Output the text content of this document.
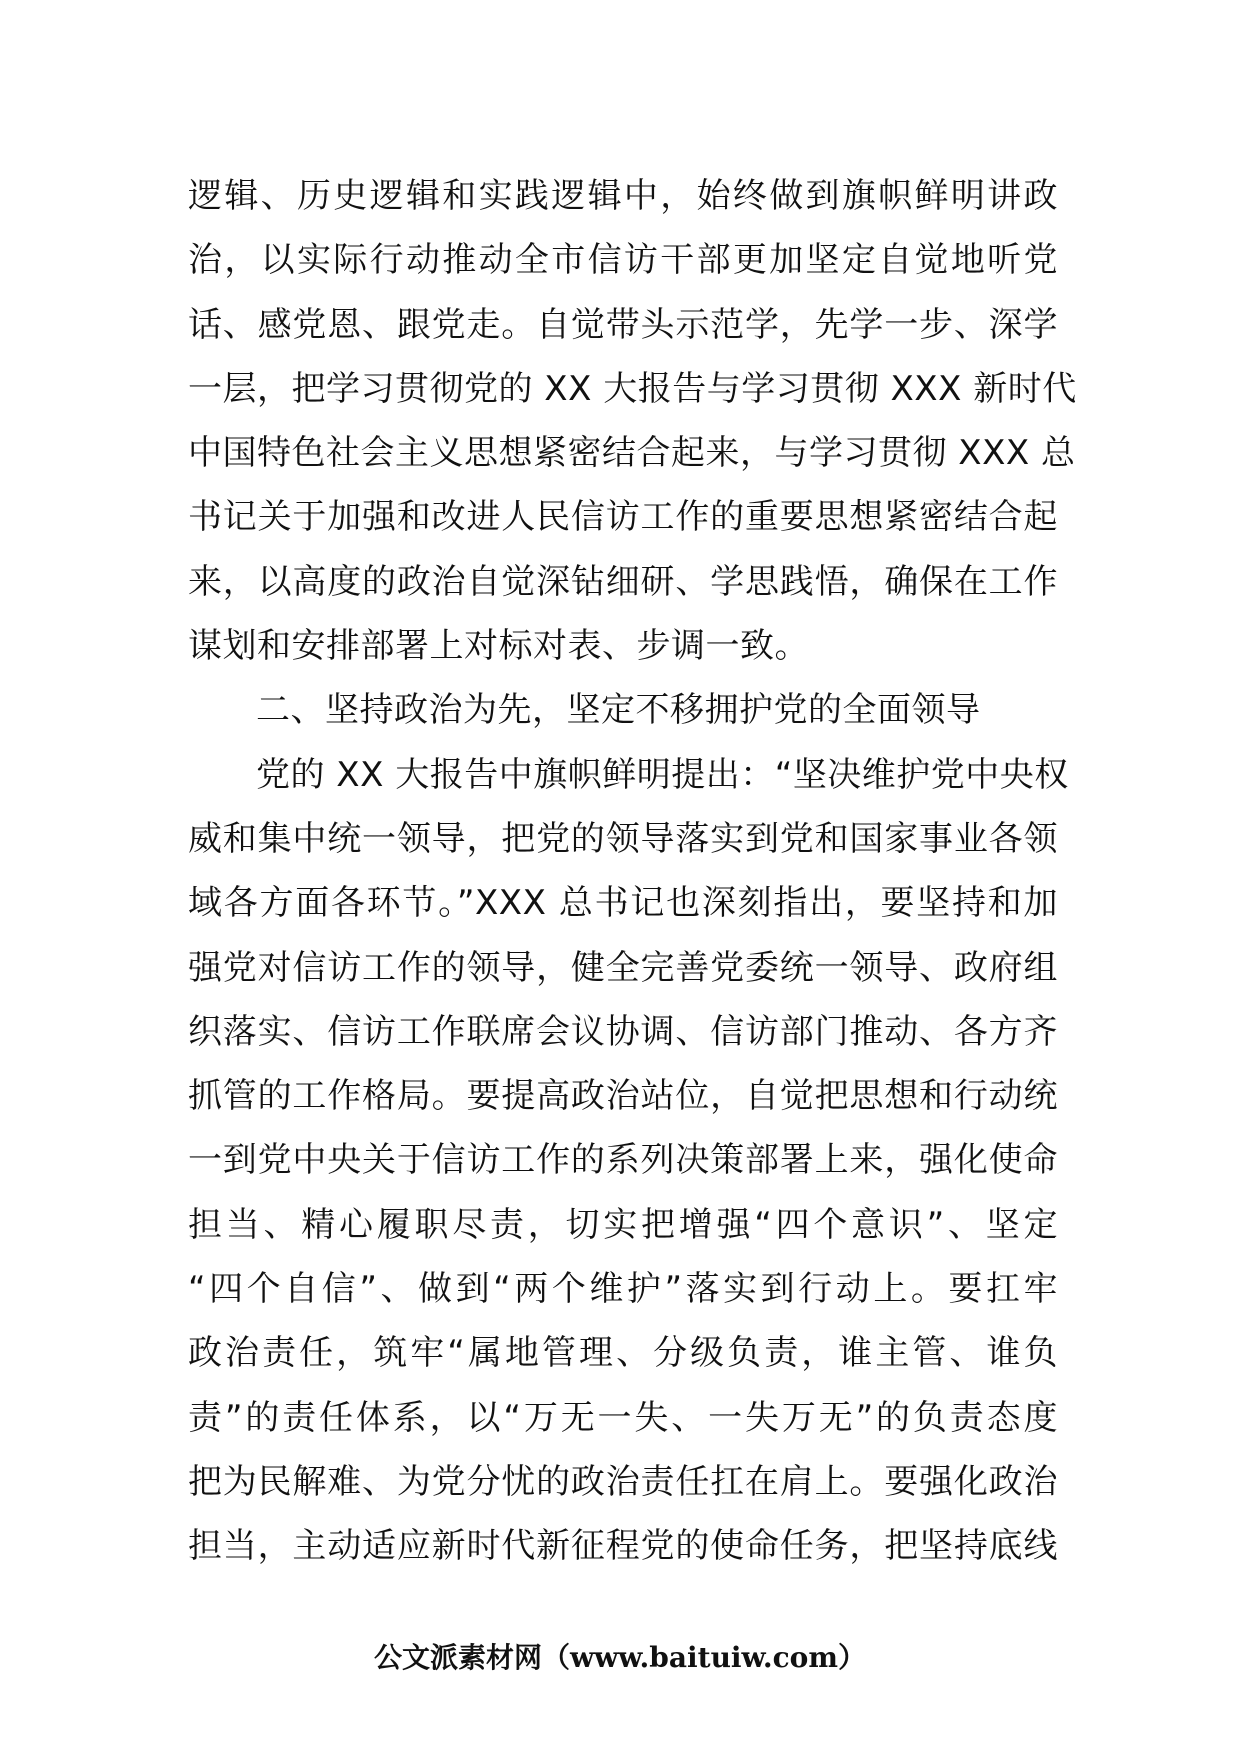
逻辑、历史逻辑和实践逻辑中，始终做到旗帜鲜明讲政
治，以实际行动推动全市信访干部更加坚定自觉地听党
话、感党恩、跟党走。自觉带头示范学，先学一步、深学
一层，把学习贯彻党的 XX 大报告与学习贯彻 XXX 新时代
中国特色社会主义思想紧密结合起来，与学习贯彻 XXX 总
书记关于加强和改进人民信访工作的重要思想紧密结合起
来，以高度的政治自觉深钻细研、学思践悟，确保在工作
谋划和安排部署上对标对表、步调一致。
二、坚持政治为先，坚定不移拥护党的全面领导
党的 XX 大报告中旗帜鲜明提出：“坚决维护党中央权
威和集中统一领导，把党的领导落实到党和国家事业各领
域各方面各环节。”XXX 总书记也深刻指出，要坚持和加
强党对信访工作的领导，健全完善党委统一领导、政府组
织落实、信访工作联席会议协调、信访部门推动、各方齐
抓管的工作格局。要提高政治站位，自觉把思想和行动统
一到党中央关于信访工作的系列决策部署上来，强化使命
担当、精心履职尽责，切实把增强“四个意识”、坚定
“四个自信”、做到“两个维护”落实到行动上。要扛牢
政治责任，筑牢“属地管理、分级负责，谁主管、谁负
责”的责任体系，以“万无一失、一失万无”的负责态度
把为民解难、为党分忧的政治责任扛在肩上。要强化政治
担当，主动适应新时代新征程党的使命任务，把坚持底线
公文派素材网（www.baituiw.com）
